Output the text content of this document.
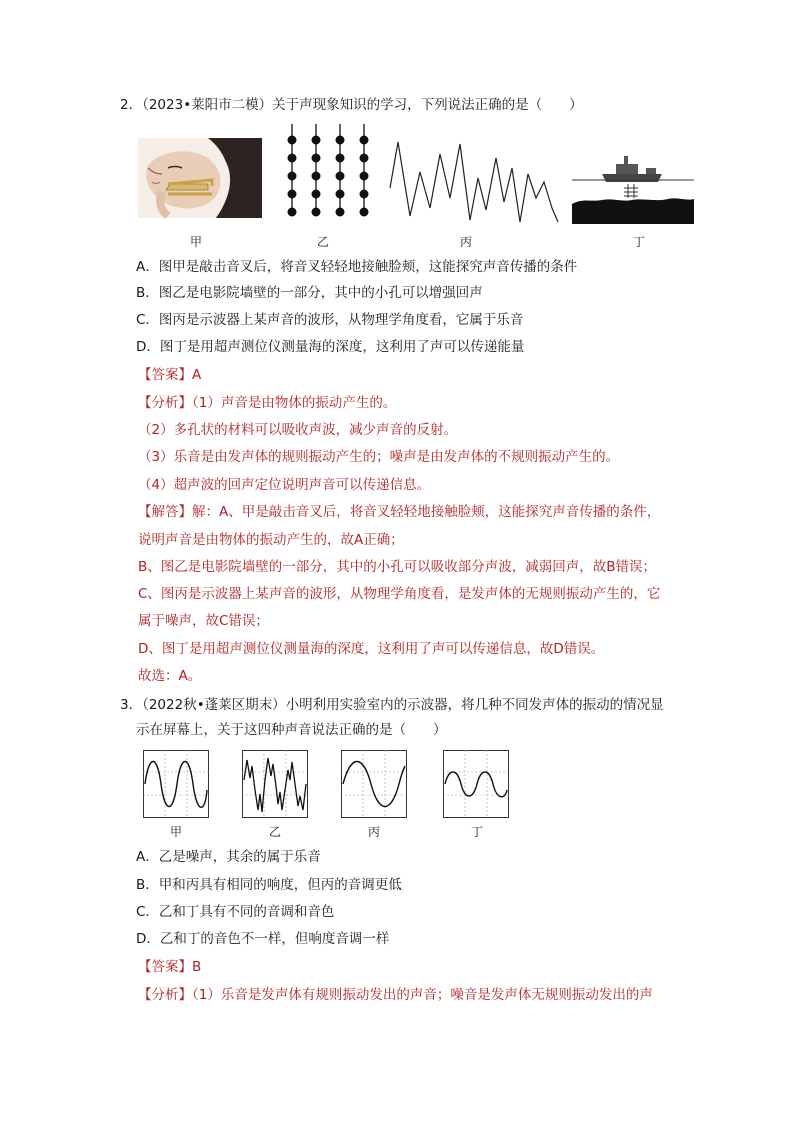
2．（2023•莱阳市二模）关于声现象知识的学习，下列说法正确的是（　　）
甲	乙	丙	丁
A．图甲是敲击音叉后，将音叉轻轻地接触脸颊，这能探究声音传播的条件
B．图乙是电影院墙壁的一部分，其中的小孔可以增强回声
C．图丙是示波器上某声音的波形，从物理学角度看，它属于乐音
D．图丁是用超声测位仪测量海的深度，这利用了声可以传递能量
【答案】A
【分析】（1）声音是由物体的振动产生的。
（2）多孔状的材料可以吸收声波，减少声音的反射。
（3）乐音是由发声体的规则振动产生的；噪声是由发声体的不规则振动产生的。
（4）超声波的回声定位说明声音可以传递信息。
【解答】解：A、甲是敲击音叉后，将音叉轻轻地接触脸颊，这能探究声音传播的条件，
说明声音是由物体的振动产生的，故A正确；
B、图乙是电影院墙壁的一部分，其中的小孔可以吸收部分声波，减弱回声，故B错误；
C、图丙是示波器上某声音的波形，从物理学角度看，是发声体的无规则振动产生的，它
属于噪声，故C错误；
D、图丁是用超声测位仪测量海的深度，这利用了声可以传递信息，故D错误。
故选：A。
3．（2022秋•蓬莱区期末）小明利用实验室内的示波器，将几种不同发声体的振动的情况显
示在屏幕上，关于这四种声音说法正确的是（　　）
甲	乙	丙	丁
A．乙是噪声，其余的属于乐音
B．甲和丙具有相同的响度，但丙的音调更低
C．乙和丁具有不同的音调和音色
D．乙和丁的音色不一样，但响度音调一样
【答案】B
【分析】（1）乐音是发声体有规则振动发出的声音；噪音是发声体无规则振动发出的声
